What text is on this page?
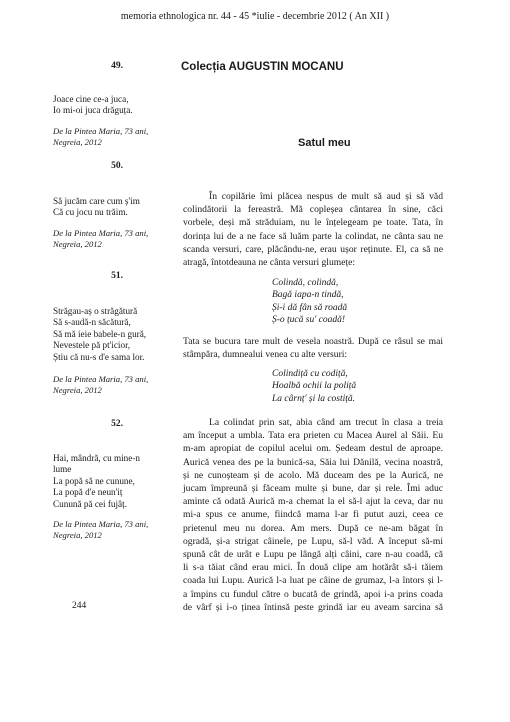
memoria ethnologica nr. 44 - 45 *iulie - decembrie 2012 ( An XII )
49.
Joace cine ce-a juca,
Io mi-oi juca drăguța.
De la Pintea Maria, 73 ani,
Negreia, 2012
50.
Să jucăm care cum ș'im
Că cu jocu nu trăim.
De la Pintea Maria, 73 ani,
Negreia, 2012
51.
Străgau-aș o străgătură
Să s-audă-n săcătură,
Să mă ieie babele-n gură,
Nevestele pă pt'icior,
Știu că nu-s d'e sama lor.
De la Pintea Maria, 73 ani,
Negreia, 2012
52.
Hai, mândră, cu mine-n
lume
La popă să ne cunune,
La popă d'e neun'iț
Cunună pă cei fujâț.
De la Pintea Maria, 73 ani,
Negreia, 2012
Colecția AUGUSTIN MOCANU
Satul meu
În copilărie îmi plăcea nespus de mult să aud și să văd
colindătorii la fereastră. Mă copleșea cântarea în sine, căci
vorbele, deși mă străduiam, nu le înțelegeam pe toate. Tata, în
dorința lui de a ne face să luăm parte la colindat, ne cânta sau ne
scanda versuri, care, plăcându-ne, erau ușor reținute. El, ca să ne
atragă, întotdeauna ne cânta versuri glumețe:
Colindă, colindă,
Bagă iapa-n tindă,
Și-i dă fân să roadă
Ș-o țucă su' coadă!
Tata se bucura tare mult de vesela noastră. După ce râsul se mai
stâmpăra, dumnealui venea cu alte versuri:
Colindiță cu codiță,
Hoalbă ochii la poliță
La cârnț' și la costiță.
La colindat prin sat, abia când am trecut în clasa a treia
am început a umbla. Tata era prieten cu Macea Aurel al Săii. Eu
m-am apropiat de copilul acelui om. Ședeam destul de aproape.
Aurică venea des pe la bunică-sa, Săia lui Dănilă, vecina noastră,
și ne cunoșteam și de acolo. Mă duceam des pe la Aurică, ne
jucam împreună și făceam multe și bune, dar și rele. Îmi aduc
aminte că odată Aurică m-a chemat la el să-l ajut la ceva, dar nu
mi-a spus ce anume, fiindcă mama l-ar fi putut auzi, ceea ce
prietenul meu nu dorea. Am mers. După ce ne-am băgat în
ogradă, și-a strigat câinele, pe Lupu, să-l văd. A început să-mi
spună cât de urât e Lupu pe lângă alți câini, care n-au coadă, că
li s-a tăiat când erau mici. În două clipe am hotărât să-i tăiem
coada lui Lupu. Aurică l-a luat pe câine de grumaz, l-a întors și l-
a împins cu fundul către o bucată de grindă, apoi i-a prins coada
de vârf și i-o ținea întinsă peste grindă iar eu aveam sarcina să
244
